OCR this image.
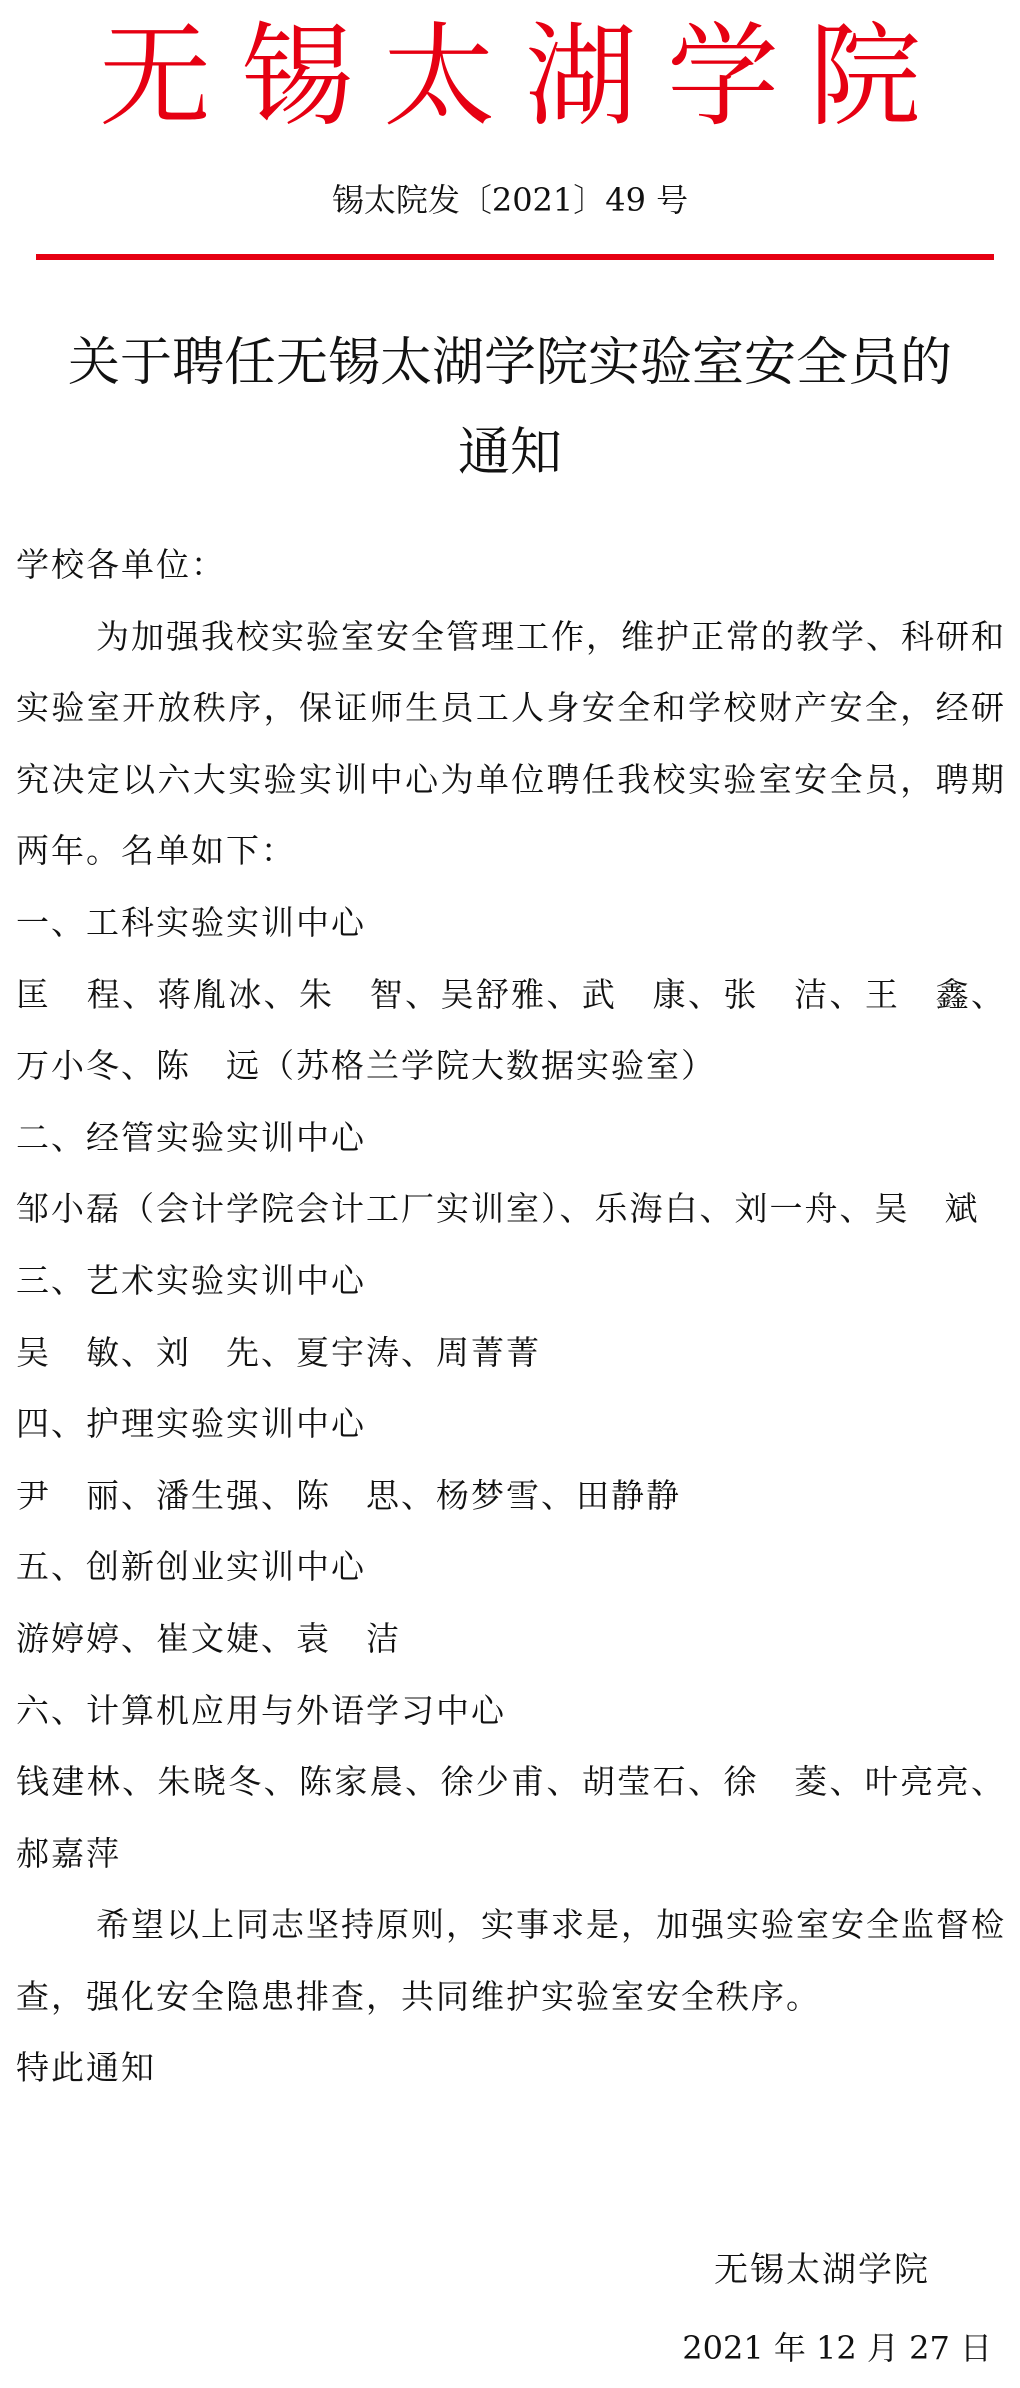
无锡太湖学院
锡太院发〔2021〕49 号
关于聘任无锡太湖学院实验室安全员的
通知

学校各单位：

为加强我校实验室安全管理工作，维护正常的教学、科研和实验室开放秩序，保证师生员工人身安全和学校财产安全，经研究决定以六大实验实训中心为单位聘任我校实验室安全员，聘期两年。名单如下：

一、工科实验实训中心

匡　程、蒋胤冰、朱　智、吴舒雅、武　康、张　洁、王　鑫、万小冬、陈　远（苏格兰学院大数据实验室）

二、经管实验实训中心

邹小磊（会计学院会计工厂实训室）、乐海白、刘一舟、吴　斌

三、艺术实验实训中心

吴　敏、刘　先、夏宇涛、周菁菁

四、护理实验实训中心

尹　丽、潘生强、陈　思、杨梦雪、田静静

五、创新创业实训中心

游婷婷、崔文婕、袁　洁

六、计算机应用与外语学习中心

钱建林、朱晓冬、陈家晨、徐少甫、胡莹石、徐　菱、叶亮亮、郝嘉萍

希望以上同志坚持原则，实事求是，加强实验室安全监督检查，强化安全隐患排查，共同维护实验室安全秩序。

特此通知

无锡太湖学院
2021 年 12 月 27 日
